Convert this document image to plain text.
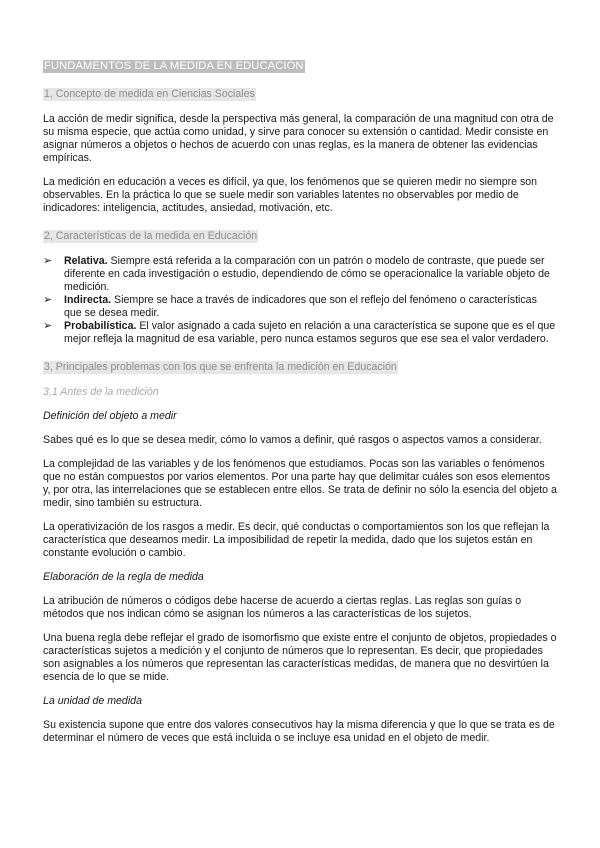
FUNDAMENTOS DE LA MEDIDA EN EDUCACIÓN
1, Concepto de medida en Ciencias Sociales

La acción de medir significa, desde la perspectiva más general, la comparación de una magnitud con otra de su misma especie, que actúa como unidad, y sirve para conocer su extensión o cantidad. Medir consiste en asignar números a objetos o hechos de acuerdo con unas reglas, es la manera de obtener las evidencias empíricas.

La medición en educación a veces es difícil, ya que, los fenómenos que se quieren medir no siempre son observables. En la práctica lo que se suele medir son variables latentes no observables por medio de indicadores: inteligencia, actitudes, ansiedad, motivación, etc.

2, Características de la medida en Educación
➢ Relativa. Siempre está referida a la comparación con un patrón o modelo de contraste, que puede ser diferente en cada investigación o estudio, dependiendo de cómo se operacionalice la variable objeto de medición.
➢ Indirecta. Siempre se hace a través de indicadores que son el reflejo del fenómeno o características que se desea medir.
➢ Probabilística. El valor asignado a cada sujeto en relación a una característica se supone que es el que mejor refleja la magnitud de esa variable, pero nunca estamos seguros que ese sea el valor verdadero.
3, Principales problemas con los que se enfrenta la medición en Educación
3,1 Antes de la medición
Definición del objeto a medir

Sabes qué es lo que se desea medir, cómo lo vamos a definir, qué rasgos o aspectos vamos a considerar.

La complejidad de las variables y de los fenómenos que estudiamos. Pocas son las variables o fenómenos que no están compuestos por varios elementos. Por una parte hay que delimitar cuáles son esos elementos y, por otra, las interrelaciones que se establecen entre ellos. Se trata de definir no sólo la esencia del objeto a medir, sino también su estructura.

La operativización de los rasgos a medir. Es decir, qué conductas o comportamientos son los que reflejan la característica que deseamos medir. La imposibilidad de repetir la medida, dado que los sujetos están en constante evolución o cambio.

Elaboración de la regla de medida

La atribución de números o códigos debe hacerse de acuerdo a ciertas reglas. Las reglas son guías o métodos que nos indican cómo se asignan los números a las características de los sujetos.

Una buena regla debe reflejar el grado de isomorfismo que existe entre el conjunto de objetos, propiedades o características sujetos a medición y el conjunto de números que lo representan. Es decir, que propiedades son asignables a los números que representan las características medidas, de manera que no desvirtúen la esencia de lo que se mide.

La unidad de medida

Su existencia supone que entre dos valores consecutivos hay la misma diferencia y que lo que se trata es de determinar el número de veces que está incluida o se incluye esa unidad en el objeto de medir.
